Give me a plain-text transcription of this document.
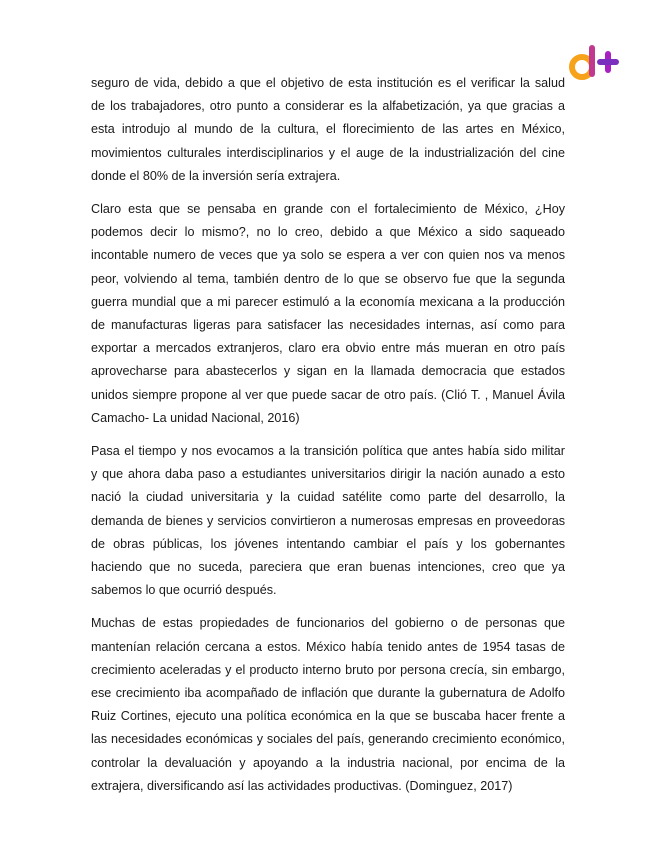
seguro de vida, debido a que el objetivo de esta institución es el verificar la salud
de los trabajadores, otro punto a considerar es la alfabetización, ya que gracias a
esta introdujo al mundo de la cultura, el florecimiento de las artes en México,
movimientos culturales interdisciplinarios y el auge de la industrialización del cine
donde el 80% de la inversión sería extrajera.
Claro esta que se pensaba en grande con el fortalecimiento de México, ¿Hoy
podemos decir lo mismo?, no lo creo, debido a que México a sido saqueado
incontable numero de veces que ya solo se espera a ver con quien nos va menos
peor, volviendo al tema, también dentro de lo que se observo fue que la segunda
guerra mundial que a mi parecer estimuló a la economía mexicana a la producción
de manufacturas ligeras para satisfacer las necesidades internas, así como para
exportar a mercados extranjeros, claro era obvio entre más mueran en otro país
aprovecharse para abastecerlos y sigan en la llamada democracia que estados
unidos siempre propone al ver que puede sacar de otro país. (Clió T. , Manuel Ávila
Camacho- La unidad Nacional, 2016)
Pasa el tiempo y nos evocamos a la transición política que antes había sido militar
y que ahora daba paso a estudiantes universitarios dirigir la nación aunado a esto
nació la ciudad universitaria y la cuidad satélite como parte del desarrollo, la
demanda de bienes y servicios convirtieron a numerosas empresas en proveedoras
de obras públicas, los jóvenes intentando cambiar el país y los gobernantes
haciendo que no suceda, pareciera que eran buenas intenciones, creo que ya
sabemos lo que ocurrió después.
Muchas de estas propiedades de funcionarios del gobierno o de personas que
mantenían relación cercana a estos. México había tenido antes de 1954 tasas de
crecimiento aceleradas y el producto interno bruto por persona crecía, sin embargo,
ese crecimiento iba acompañado de inflación que durante la gubernatura de Adolfo
Ruiz Cortines, ejecuto una política económica en la que se buscaba hacer frente a
las necesidades económicas y sociales del país, generando crecimiento económico,
controlar la devaluación y apoyando a la industria nacional, por encima de la
extrajera, diversificando así las actividades productivas. (Dominguez, 2017)
